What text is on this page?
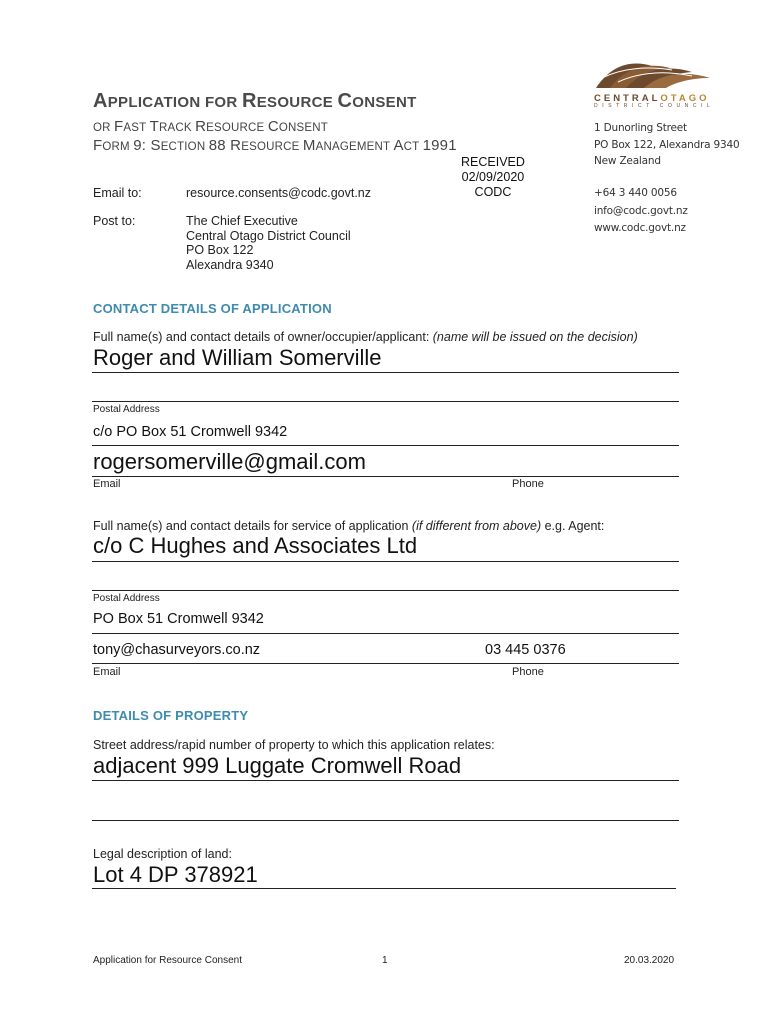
APPLICATION FOR RESOURCE CONSENT
OR FAST TRACK RESOURCE CONSENT
FORM 9: SECTION 88 RESOURCE MANAGEMENT ACT 1991
RECEIVED
02/09/2020
CODC
CENTRALOTAGO
DISTRICT COUNCIL
1 Dunorling Street
PO Box 122, Alexandra 9340
New Zealand
+64 3 440 0056
info@codc.govt.nz
www.codc.govt.nz
Email to:	resource.consents@codc.govt.nz
Post to:	The Chief Executive
Central Otago District Council
PO Box 122
Alexandra 9340
CONTACT DETAILS OF APPLICATION
Full name(s) and contact details of owner/occupier/applicant: (name will be issued on the decision)
Roger and William Somerville
Postal Address
c/o PO Box 51 Cromwell 9342
rogersomerville@gmail.com
Email	Phone
Full name(s) and contact details for service of application (if different from above) e.g. Agent:
c/o C Hughes and Associates Ltd
Postal Address
PO Box 51 Cromwell 9342
tony@chasurveyors.co.nz	03 445 0376
Email	Phone
DETAILS OF PROPERTY
Street address/rapid number of property to which this application relates:
adjacent 999 Luggate Cromwell Road
Legal description of land:
Lot 4 DP 378921
Application for Resource Consent	1	20.03.2020
